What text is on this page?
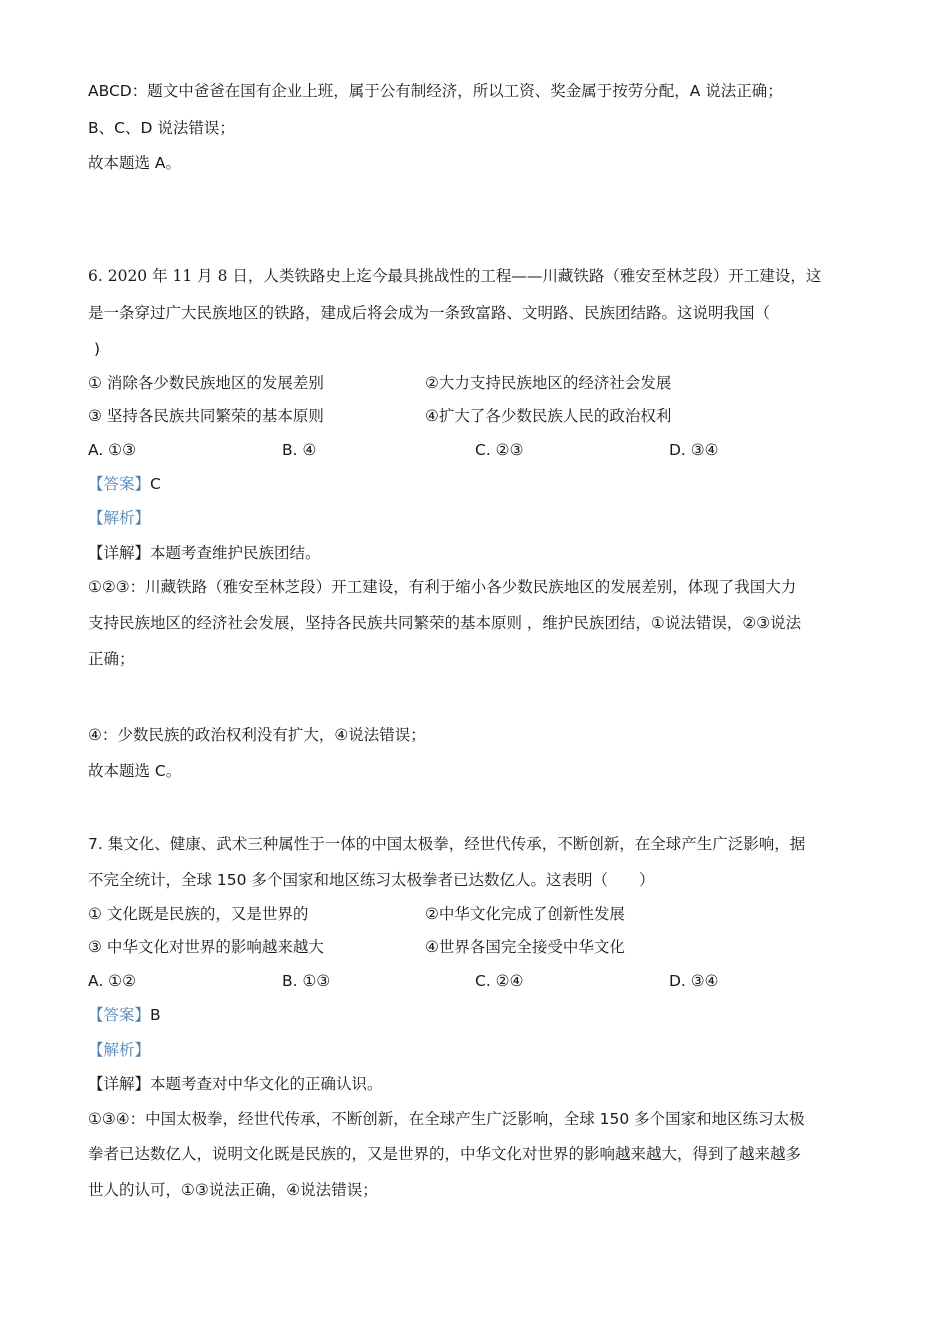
ABCD：题文中爸爸在国有企业上班，属于公有制经济，所以工资、奖金属于按劳分配，A 说法正确；
B、C、D 说法错误；
故本题选 A。
6. 2020 年 11 月 8 日，人类铁路史上迄今最具挑战性的工程——川藏铁路（雅安至林芝段）开工建设，这
是一条穿过广大民族地区的铁路，建成后将会成为一条致富路、文明路、民族团结路。这说明我国（
)
① 消除各少数民族地区的发展差别	②大力支持民族地区的经济社会发展
③ 坚持各民族共同繁荣的基本原则	④扩大了各少数民族人民的政治权利
A. ①③	B. ④	C. ②③	D. ③④
【答案】C
【解析】
【详解】本题考查维护民族团结。
①②③：川藏铁路（雅安至林芝段）开工建设，有利于缩小各少数民族地区的发展差别，体现了我国大力
支持民族地区的经济社会发展，坚持各民族共同繁荣的基本原则 ，维护民族团结，①说法错误，②③说法
正确；
④：少数民族的政治权利没有扩大，④说法错误；
故本题选 C。
7. 集文化、健康、武术三种属性于一体的中国太极拳，经世代传承，不断创新，在全球产生广泛影响，据
不完全统计，全球 150 多个国家和地区练习太极拳者已达数亿人。这表明（　　）
① 文化既是民族的，又是世界的	②中华文化完成了创新性发展
③ 中华文化对世界的影响越来越大	④世界各国完全接受中华文化
A. ①②	B. ①③	C. ②④	D. ③④
【答案】B
【解析】
【详解】本题考查对中华文化的正确认识。
①③④：中国太极拳，经世代传承，不断创新，在全球产生广泛影响，全球 150 多个国家和地区练习太极
拳者已达数亿人，说明文化既是民族的，又是世界的，中华文化对世界的影响越来越大，得到了越来越多
世人的认可，①③说法正确，④说法错误；
